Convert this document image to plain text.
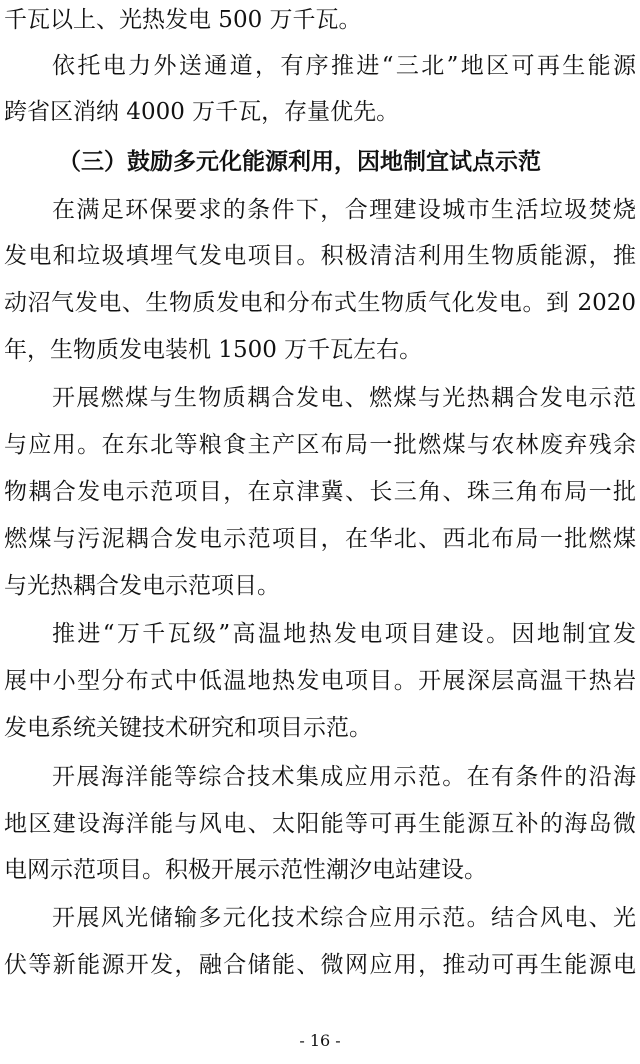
千瓦以上、光热发电 500 万千瓦。
依托电力外送通道，有序推进“三北”地区可再生能源
跨省区消纳 4000 万千瓦，存量优先。
（三）鼓励多元化能源利用，因地制宜试点示范
在满足环保要求的条件下，合理建设城市生活垃圾焚烧
发电和垃圾填埋气发电项目。积极清洁利用生物质能源，推
动沼气发电、生物质发电和分布式生物质气化发电。到 2020
年，生物质发电装机 1500 万千瓦左右。
开展燃煤与生物质耦合发电、燃煤与光热耦合发电示范
与应用。在东北等粮食主产区布局一批燃煤与农林废弃残余
物耦合发电示范项目，在京津冀、长三角、珠三角布局一批
燃煤与污泥耦合发电示范项目，在华北、西北布局一批燃煤
与光热耦合发电示范项目。
推进“万千瓦级”高温地热发电项目建设。因地制宜发
展中小型分布式中低温地热发电项目。开展深层高温干热岩
发电系统关键技术研究和项目示范。
开展海洋能等综合技术集成应用示范。在有条件的沿海
地区建设海洋能与风电、太阳能等可再生能源互补的海岛微
电网示范项目。积极开展示范性潮汐电站建设。
开展风光储输多元化技术综合应用示范。结合风电、光
伏等新能源开发，融合储能、微网应用，推动可再生能源电
- 16 -
